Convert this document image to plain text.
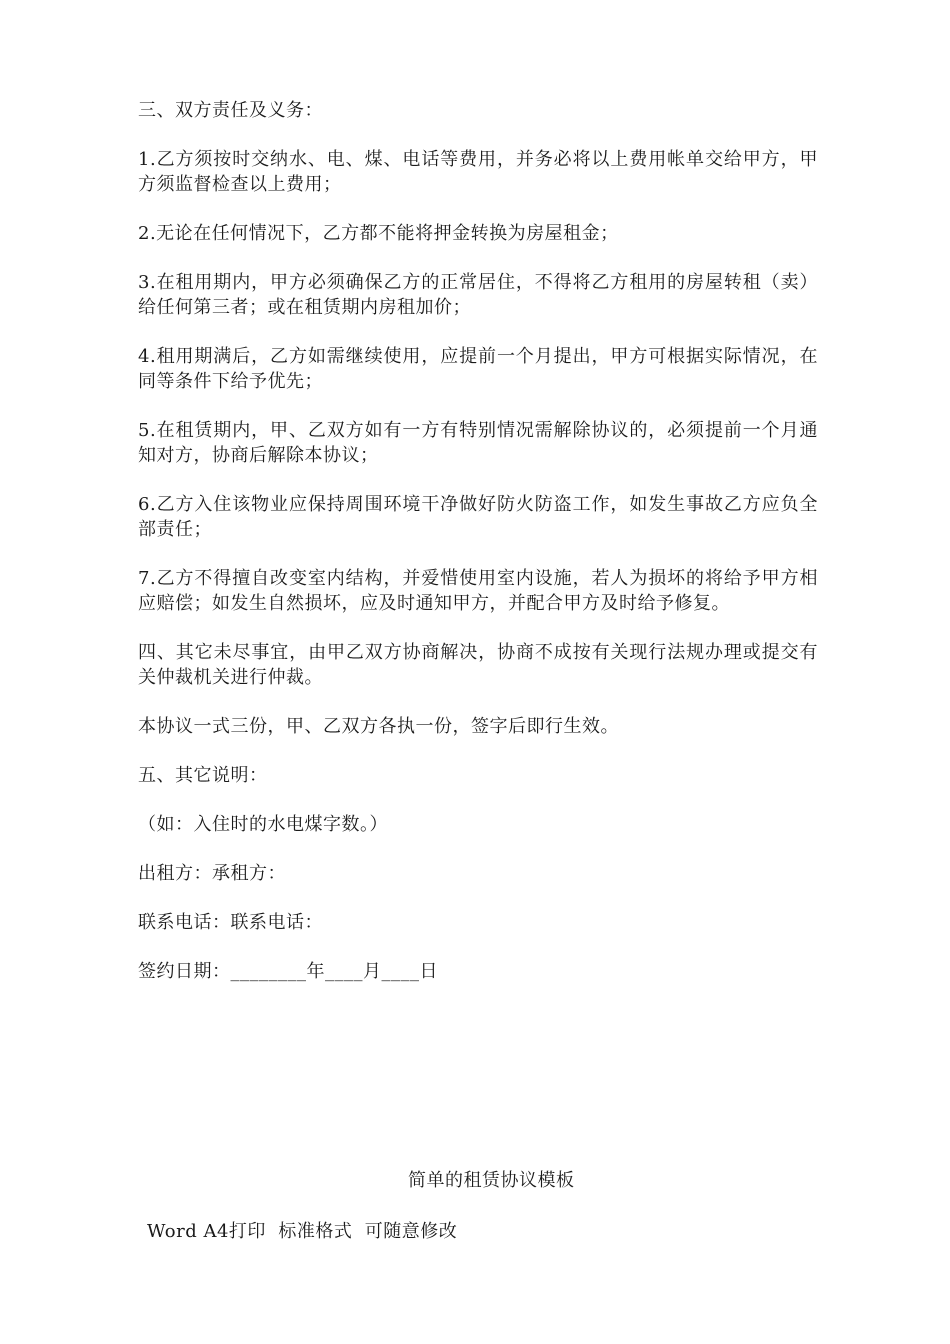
三、双方责任及义务：

1.乙方须按时交纳水、电、煤、电话等费用，并务必将以上费用帐单交给甲方，甲方须监督检查以上费用；

2.无论在任何情况下，乙方都不能将押金转换为房屋租金；

3.在租用期内，甲方必须确保乙方的正常居住，不得将乙方租用的房屋转租（卖）给任何第三者；或在租赁期内房租加价；

4.租用期满后，乙方如需继续使用，应提前一个月提出，甲方可根据实际情况，在同等条件下给予优先；

5.在租赁期内，甲、乙双方如有一方有特别情况需解除协议的，必须提前一个月通知对方，协商后解除本协议；

6.乙方入住该物业应保持周围环境干净做好防火防盗工作，如发生事故乙方应负全部责任；

7.乙方不得擅自改变室内结构，并爱惜使用室内设施，若人为损坏的将给予甲方相应赔偿；如发生自然损坏，应及时通知甲方，并配合甲方及时给予修复。

四、其它未尽事宜，由甲乙双方协商解决，协商不成按有关现行法规办理或提交有关仲裁机关进行仲裁。

本协议一式三份，甲、乙双方各执一份，签字后即行生效。

五、其它说明：

（如：入住时的水电煤字数。）

出租方：承租方：

联系电话：联系电话：

签约日期：________年____月____日

简单的租赁协议模板
Word A4打印  标准格式  可随意修改
